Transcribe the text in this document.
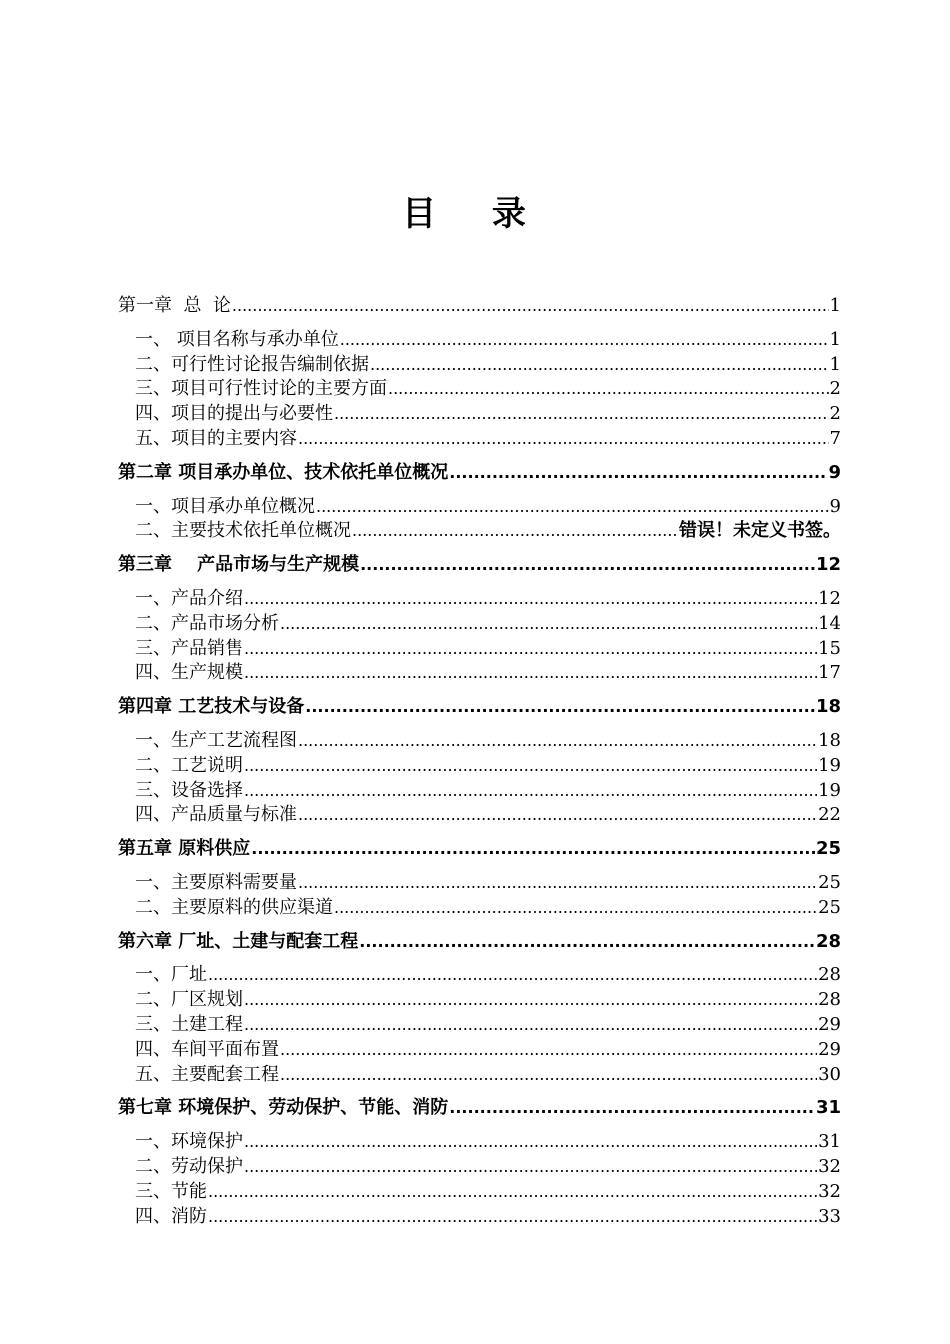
目 录
第一章  总  论 .....	1
一、 项目名称与承办单位 .....	1
二、可行性讨论报告编制依据 .....	1
三、项目可行性讨论的主要方面 .....	2
四、项目的提出与必要性 .....	2
五、项目的主要内容 .....	7
第二章 项目承办单位、技术依托单位概况 .....	9
一、项目承办单位概况 .....	9
二、主要技术依托单位概况 .....	错误！未定义书签。
第三章    产品市场与生产规模 .....	12
一、产品介绍 .....	12
二、产品市场分析 .....	14
三、产品销售 .....	15
四、生产规模 .....	17
第四章 工艺技术与设备 .....	18
一、生产工艺流程图 .....	18
二、工艺说明 .....	19
三、设备选择 .....	19
四、产品质量与标准 .....	22
第五章 原料供应 .....	25
一、主要原料需要量 .....	25
二、主要原料的供应渠道 .....	25
第六章 厂址、土建与配套工程 .....	28
一、厂址 .....	28
二、厂区规划 .....	28
三、土建工程 .....	29
四、车间平面布置 .....	29
五、主要配套工程 .....	30
第七章 环境保护、劳动保护、节能、消防 .....	31
一、环境保护 .....	31
二、劳动保护 .....	32
三、节能 .....	32
四、消防 .....	33
